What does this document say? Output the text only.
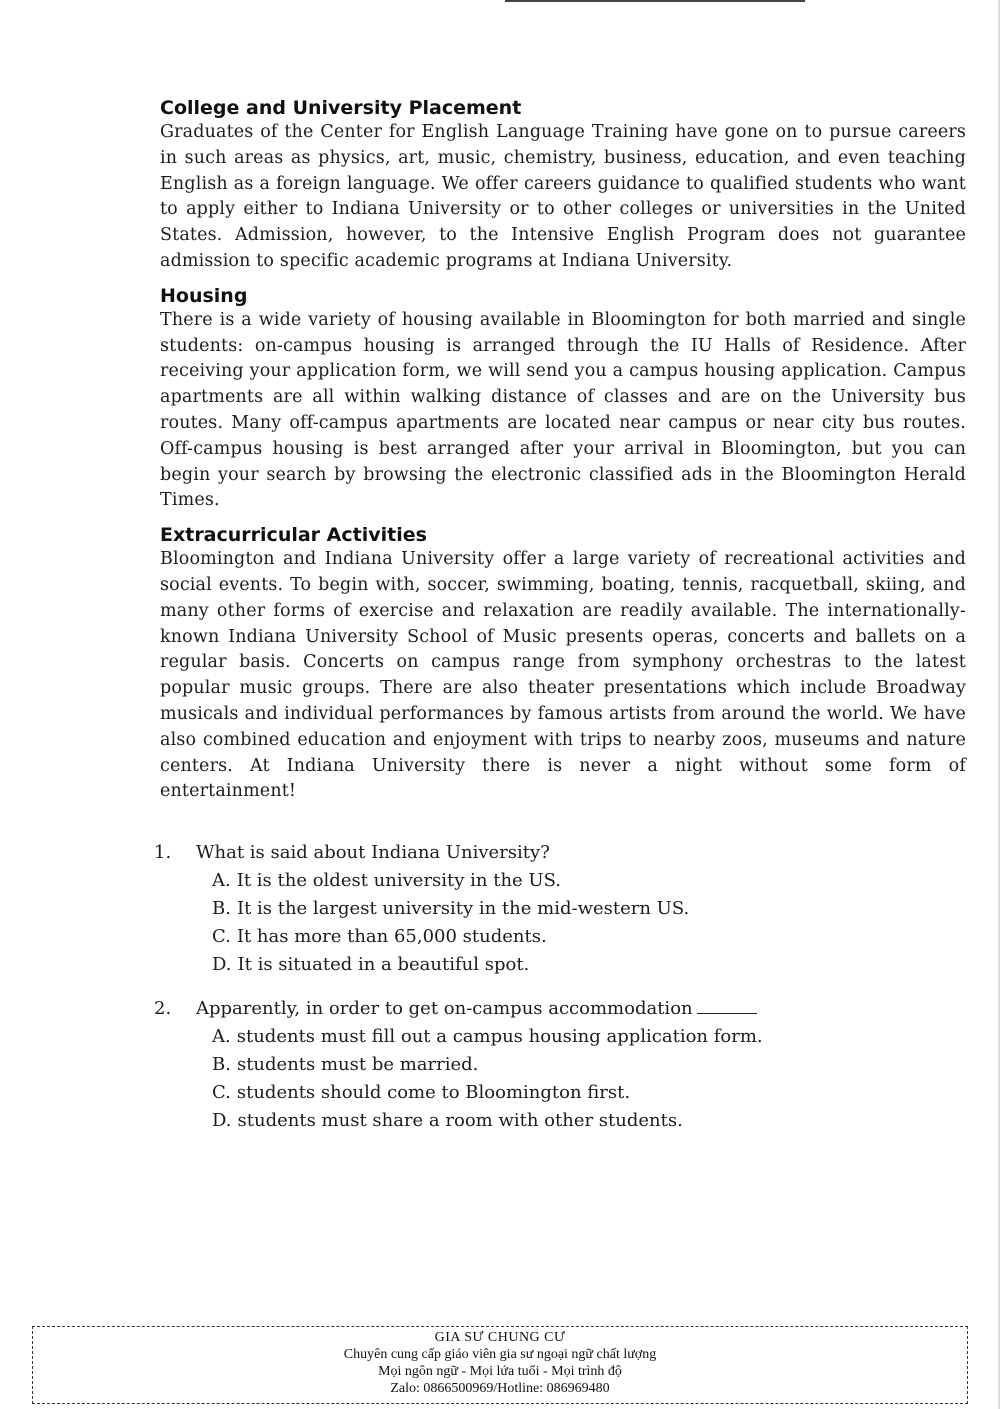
College and University Placement

Graduates of the Center for English Language Training have gone on to pursue careers in such areas as physics, art, music, chemistry, business, education, and even teaching English as a foreign language. We offer careers guidance to qualified students who want to apply either to Indiana University or to other colleges or universities in the United States. Admission, however, to the Intensive English Program does not guarantee admission to specific academic programs at Indiana University.

Housing

There is a wide variety of housing available in Bloomington for both married and single students: on-campus housing is arranged through the IU Halls of Residence. After receiving your application form, we will send you a campus housing application. Campus apartments are all within walking distance of classes and are on the University bus routes. Many off-campus apartments are located near campus or near city bus routes. Off-campus housing is best arranged after your arrival in Bloomington, but you can begin your search by browsing the electronic classified ads in the Bloomington Herald Times.

Extracurricular Activities

Bloomington and Indiana University offer a large variety of recreational activities and social events. To begin with, soccer, swimming, boating, tennis, racquetball, skiing, and many other forms of exercise and relaxation are readily available. The internationally-known Indiana University School of Music presents operas, concerts and ballets on a regular basis. Concerts on campus range from symphony orchestras to the latest popular music groups. There are also theater presentations which include Broadway musicals and individual performances by famous artists from around the world. We have also combined education and enjoyment with trips to nearby zoos, museums and nature centers. At Indiana University there is never a night without some form of entertainment!

1. What is said about Indiana University?
A. It is the oldest university in the US.
B. It is the largest university in the mid-western US.
C. It has more than 65,000 students.
D. It is situated in a beautiful spot.
2. Apparently, in order to get on-campus accommodation
A. students must fill out a campus housing application form.
B. students must be married.
C. students should come to Bloomington first.
D. students must share a room with other students.
GIA SƯ CHUNG CƯ
Chuyên cung cấp giáo viên gia sư ngoại ngữ chất lượng
Mọi ngôn ngữ - Mọi lứa tuổi - Mọi trình độ
Zalo: 0866500969/Hotline: 086969480
